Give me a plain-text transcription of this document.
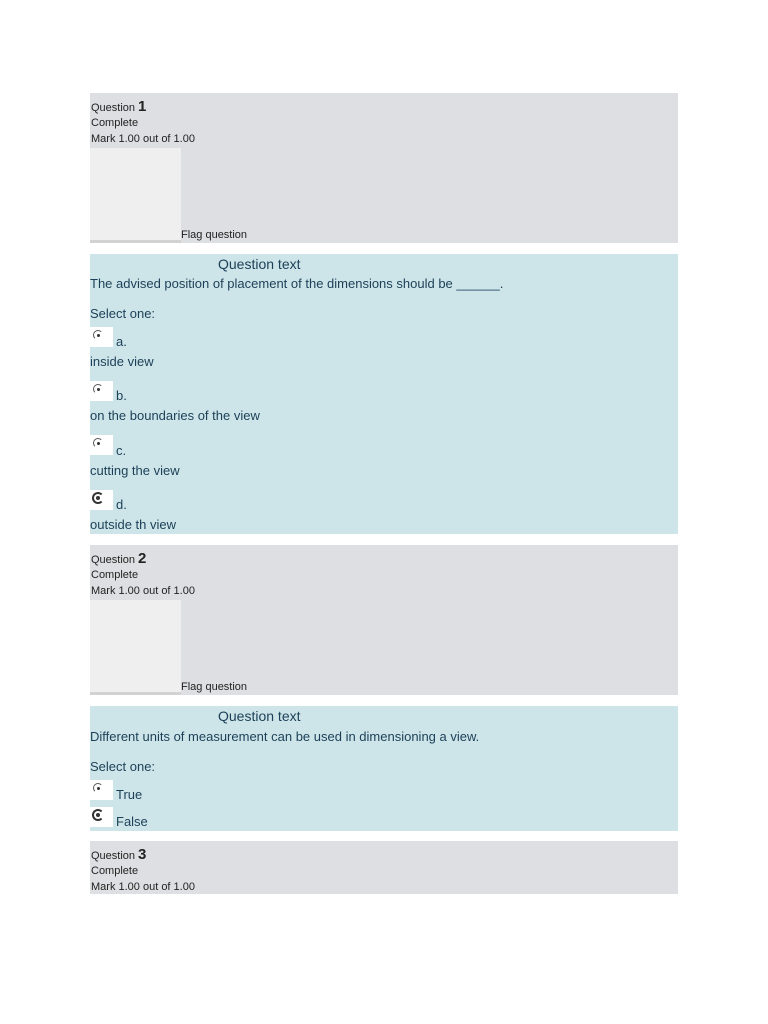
Question 1
Complete
Mark 1.00 out of 1.00
Flag question
Question text
The advised position of placement of the dimensions should be ______.
Select one:
a.
inside view
b.
on the boundaries of the view
c.
cutting the view
d.
outside th view
Question 2
Complete
Mark 1.00 out of 1.00
Flag question
Question text
Different units of measurement can be used in dimensioning a view.
Select one:
True
False
Question 3
Complete
Mark 1.00 out of 1.00
